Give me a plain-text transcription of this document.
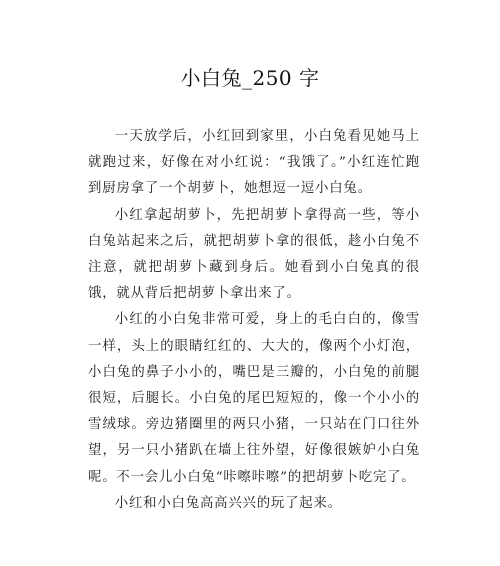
小白兔_250 字

一天放学后，小红回到家里，小白兔看见她马上就跑过来，好像在对小红说：“我饿了。”小红连忙跑到厨房拿了一个胡萝卜，她想逗一逗小白兔。

小红拿起胡萝卜，先把胡萝卜拿得高一些，等小白兔站起来之后，就把胡萝卜拿的很低，趁小白兔不注意，就把胡萝卜藏到身后。她看到小白兔真的很饿，就从背后把胡萝卜拿出来了。

小红的小白兔非常可爱，身上的毛白白的，像雪一样，头上的眼睛红红的、大大的，像两个小灯泡，小白兔的鼻子小小的，嘴巴是三瓣的，小白兔的前腿很短，后腿长。小白兔的尾巴短短的，像一个小小的雪绒球。旁边猪圈里的两只小猪，一只站在门口往外望，另一只小猪趴在墙上往外望，好像很嫉妒小白兔呢。不一会儿小白兔“咔嚓咔嚓”的把胡萝卜吃完了。

小红和小白兔高高兴兴的玩了起来。
